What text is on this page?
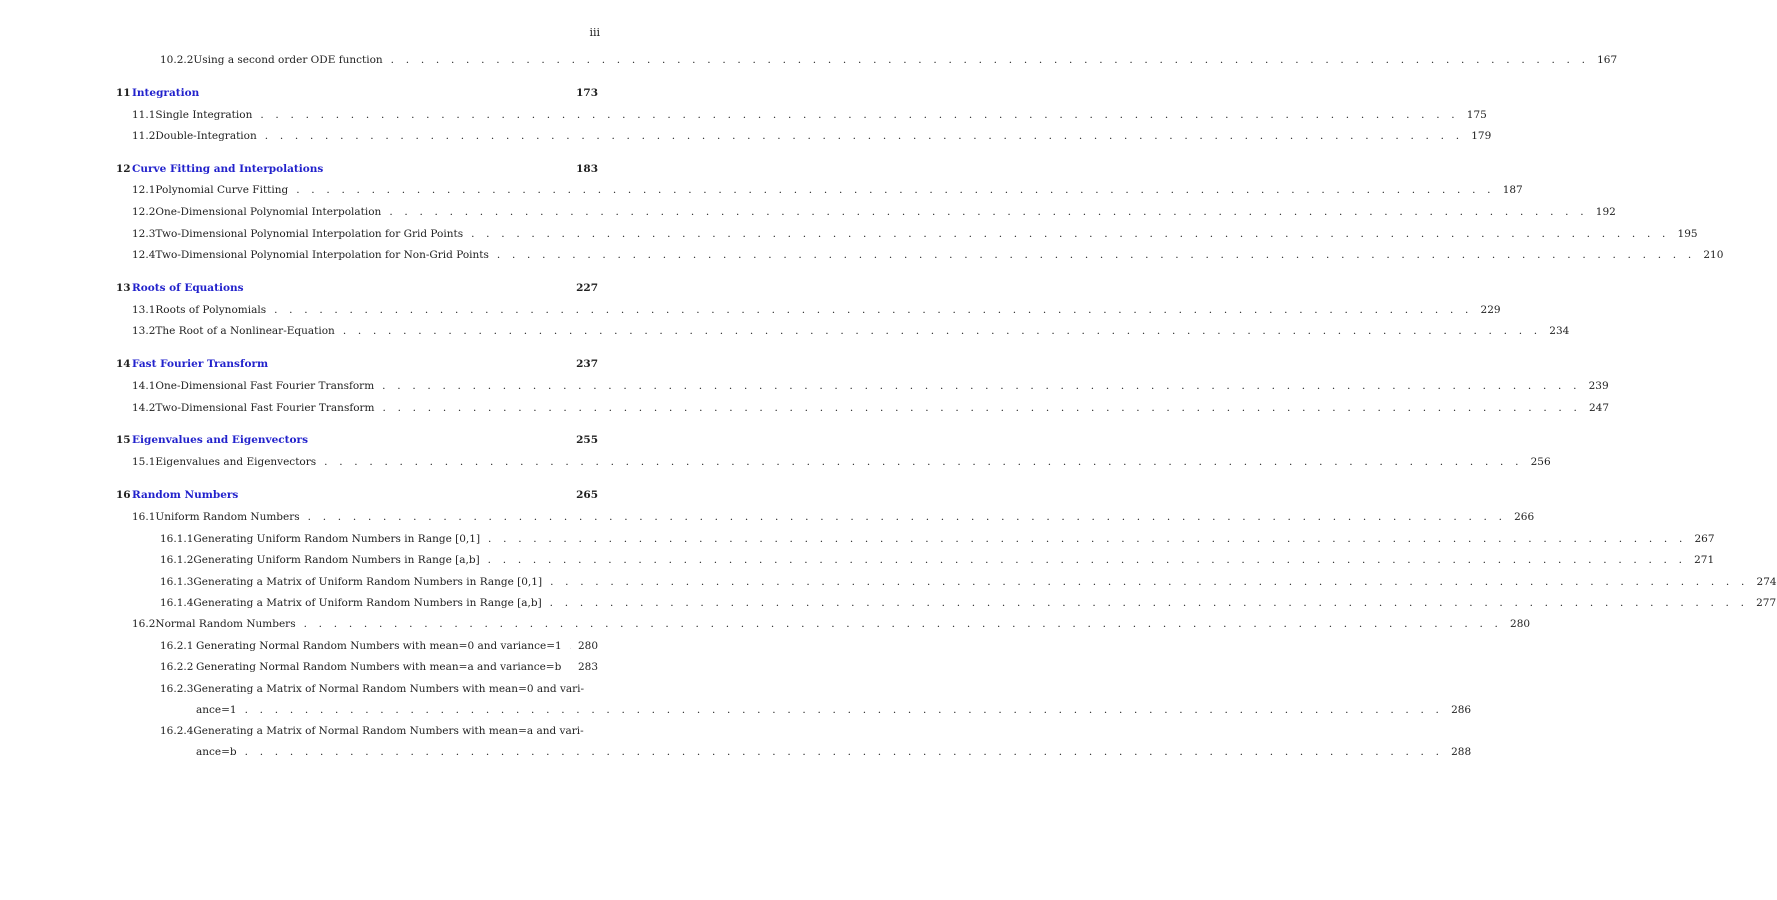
iii
10.2.2 Using a second order ODE function . . . . . . . . . . . . . . . . . . . . . . . . . . . . . . . . . . . . . . . . . . . . . . . . . . . . . . . . . . . . . . . . . . . . . . . . . . . . . . . . 167
11 Integration	173
11.1 Single Integration . . . . . . . . . . . . . . . . . . . . . . . . . . . . . . . . . . . . . . . . . . . . . . . . . . . . . . . . . . . . . . . . . . . . . . . . . . . . . . . . 175
11.2 Double-Integration . . . . . . . . . . . . . . . . . . . . . . . . . . . . . . . . . . . . . . . . . . . . . . . . . . . . . . . . . . . . . . . . . . . . . . . . . . . . . . . . 179
12 Curve Fitting and Interpolations	183
12.1 Polynomial Curve Fitting . . . . . . . . . . . . . . . . . . . . . . . . . . . . . . . . . . . . . . . . . . . . . . . . . . . . . . . . . . . . . . . . . . . . . . . . . . . . . . . . 187
12.2 One-Dimensional Polynomial Interpolation . . . . . . . . . . . . . . . . . . . . . . . . . . . . . . . . . . . . . . . . . . . . . . . . . . . . . . . . . . . . . . . . . . . . . . . . . . . . . . . . 192
12.3 Two-Dimensional Polynomial Interpolation for Grid Points . . . . . . . . . . . . . . . . . . . . . . . . . . . . . . . . . . . . . . . . . . . . . . . . . . . . . . . . . . . . . . . . . . . . . . . . . . . . . . . . 195
12.4 Two-Dimensional Polynomial Interpolation for Non-Grid Points . . . . . . . . . . . . . . . . . . . . . . . . . . . . . . . . . . . . . . . . . . . . . . . . . . . . . . . . . . . . . . . . . . . . . . . . . . . . . . . . 210
13 Roots of Equations	227
13.1 Roots of Polynomials . . . . . . . . . . . . . . . . . . . . . . . . . . . . . . . . . . . . . . . . . . . . . . . . . . . . . . . . . . . . . . . . . . . . . . . . . . . . . . . . 229
13.2 The Root of a Nonlinear-Equation . . . . . . . . . . . . . . . . . . . . . . . . . . . . . . . . . . . . . . . . . . . . . . . . . . . . . . . . . . . . . . . . . . . . . . . . . . . . . . . . 234
14 Fast Fourier Transform	237
14.1 One-Dimensional Fast Fourier Transform . . . . . . . . . . . . . . . . . . . . . . . . . . . . . . . . . . . . . . . . . . . . . . . . . . . . . . . . . . . . . . . . . . . . . . . . . . . . . . . . 239
14.2 Two-Dimensional Fast Fourier Transform . . . . . . . . . . . . . . . . . . . . . . . . . . . . . . . . . . . . . . . . . . . . . . . . . . . . . . . . . . . . . . . . . . . . . . . . . . . . . . . . 247
15 Eigenvalues and Eigenvectors	255
15.1 Eigenvalues and Eigenvectors . . . . . . . . . . . . . . . . . . . . . . . . . . . . . . . . . . . . . . . . . . . . . . . . . . . . . . . . . . . . . . . . . . . . . . . . . . . . . . . . 256
16 Random Numbers	265
16.1 Uniform Random Numbers . . . . . . . . . . . . . . . . . . . . . . . . . . . . . . . . . . . . . . . . . . . . . . . . . . . . . . . . . . . . . . . . . . . . . . . . . . . . . . . . 266
16.1.1 Generating Uniform Random Numbers in Range [0,1] . . . . . . . . . . . . . . . . . . . . . . . . . . . . . . . . . . . . . . . . . . . . . . . . . . . . . . . . . . . . . . . . . . . . . . . . . . . . . . . . 267
16.1.2 Generating Uniform Random Numbers in Range [a,b] . . . . . . . . . . . . . . . . . . . . . . . . . . . . . . . . . . . . . . . . . . . . . . . . . . . . . . . . . . . . . . . . . . . . . . . . . . . . . . . . 271
16.1.3 Generating a Matrix of Uniform Random Numbers in Range [0,1] . . . . . . . . . . . . . . . . . . . . . . . . . . . . . . . . . . . . . . . . . . . . . . . . . . . . . . . . . . . . . . . . . . . . . . . . . . . . . . . . 274
16.1.4 Generating a Matrix of Uniform Random Numbers in Range [a,b] . . . . . . . . . . . . . . . . . . . . . . . . . . . . . . . . . . . . . . . . . . . . . . . . . . . . . . . . . . . . . . . . . . . . . . . . . . . . . . . . 277
16.2 Normal Random Numbers . . . . . . . . . . . . . . . . . . . . . . . . . . . . . . . . . . . . . . . . . . . . . . . . . . . . . . . . . . . . . . . . . . . . . . . . . . . . . . . . 280
16.2.1 Generating Normal Random Numbers with mean=0 and variance=1 280
16.2.2 Generating Normal Random Numbers with mean=a and variance=b 283
16.2.3 Generating a Matrix of Normal Random Numbers with mean=0 and vari-
ance=1 . . . . . . . . . . . . . . . . . . . . . . . . . . . . . . . . . . . . . . . . . . . . . . . . . . . . . . . . . . . . . . . . . . . . . . . . . . . . . . . . 286
16.2.4 Generating a Matrix of Normal Random Numbers with mean=a and vari-
ance=b . . . . . . . . . . . . . . . . . . . . . . . . . . . . . . . . . . . . . . . . . . . . . . . . . . . . . . . . . . . . . . . . . . . . . . . . . . . . . . . . 288
